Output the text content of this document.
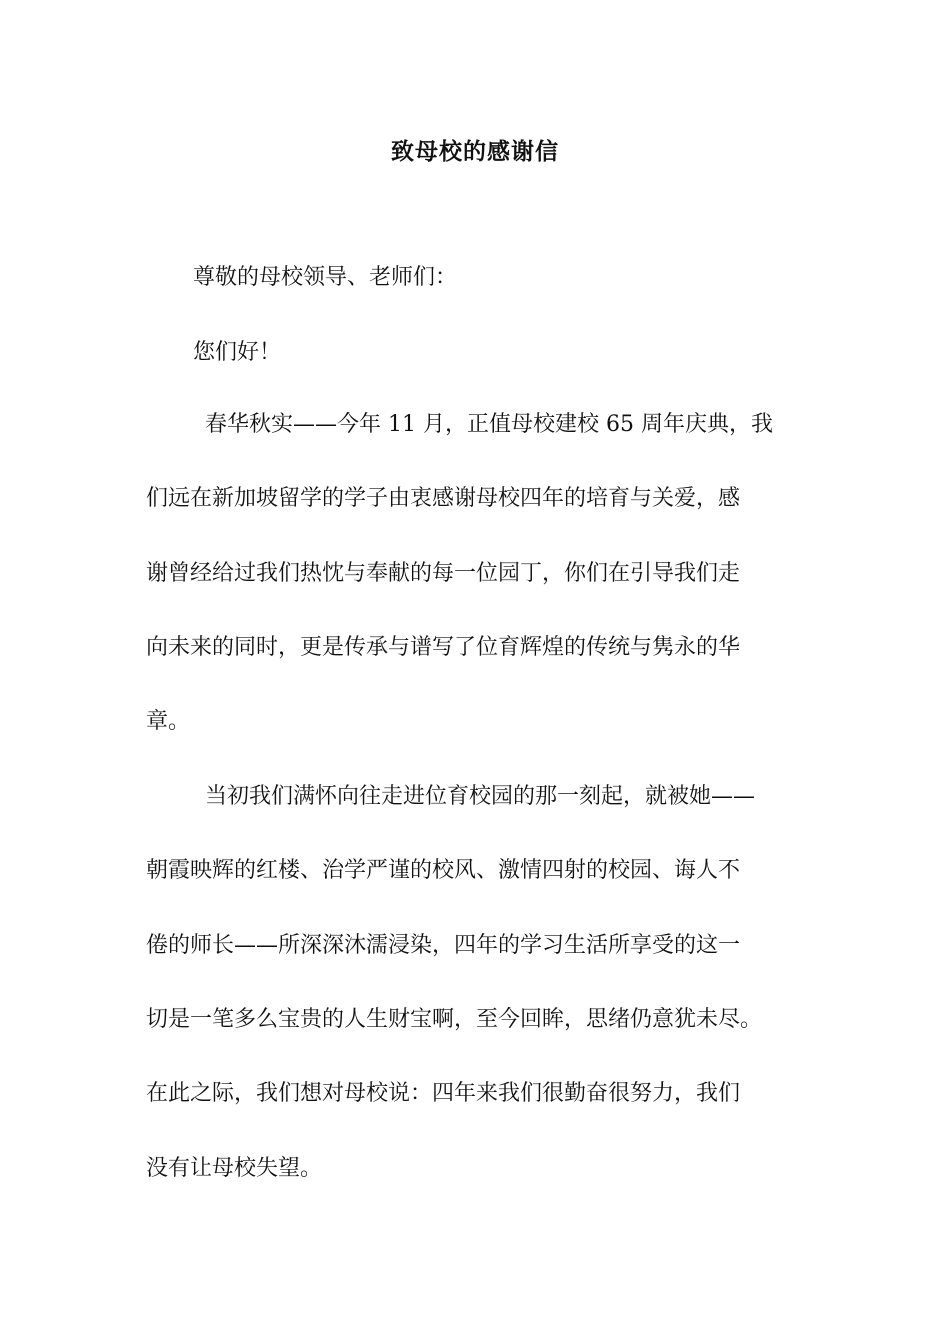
致母校的感谢信
尊敬的母校领导、老师们：
您们好！
春华秋实——今年 11 月，正值母校建校 65 周年庆典，我
们远在新加坡留学的学子由衷感谢母校四年的培育与关爱，感
谢曾经给过我们热忱与奉献的每一位园丁，你们在引导我们走
向未来的同时，更是传承与谱写了位育辉煌的传统与隽永的华
章。
当初我们满怀向往走进位育校园的那一刻起，就被她——
朝霞映辉的红楼、治学严谨的校风、激情四射的校园、诲人不
倦的师长——所深深沐濡浸染，四年的学习生活所享受的这一
切是一笔多么宝贵的人生财宝啊，至今回眸，思绪仍意犹未尽。
在此之际，我们想对母校说：四年来我们很勤奋很努力，我们
没有让母校失望。
